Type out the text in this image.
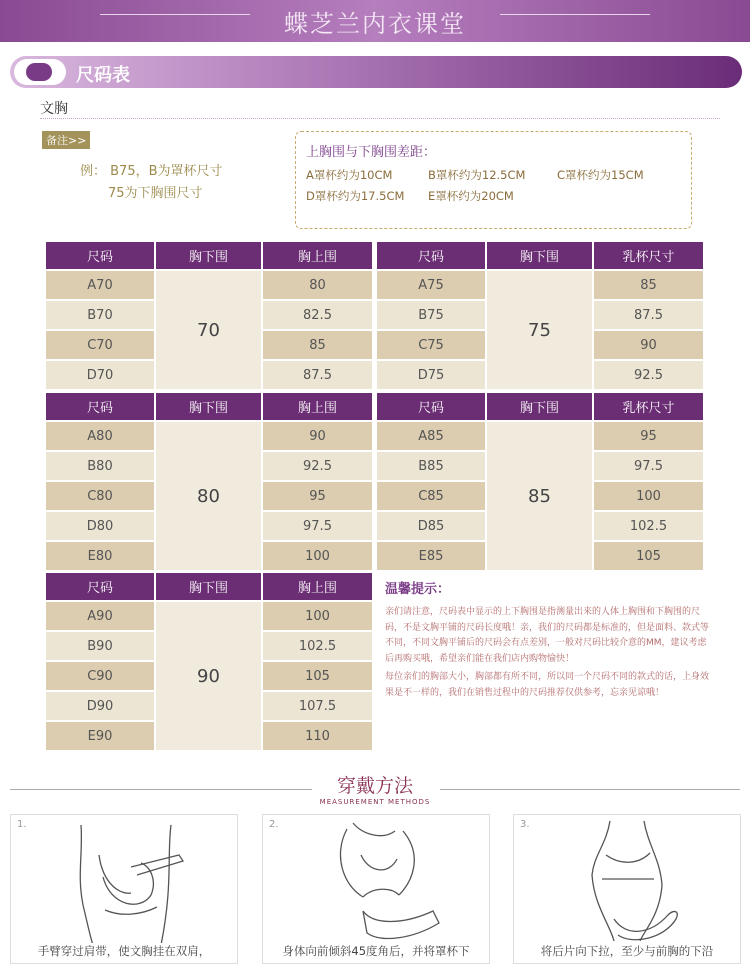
蝶芝兰内衣课堂
尺码表
文胸
备注>>
例： B75，B为罩杯尺寸
75为下胸围尺寸
上胸围与下胸围差距：
A罩杯约为10CM	B罩杯约为12.5CM	C罩杯约为15CM
D罩杯约为17.5CM E罩杯约为20CM
尺码	胸下围	胸上围
A70	70	80
B70		82.5
C70		85
D70		87.5
尺码	胸下围	乳杯尺寸
A75	75	85
B75		87.5
C75		90
D75		92.5
尺码	胸下围	胸上围
A80	80	90
B80		92.5
C80		95
D80		97.5
E80		100
尺码	胸下围	乳杯尺寸
A85	85	95
B85		97.5
C85		100
D85		102.5
E85		105
尺码	胸下围	胸上围
A90	90	100
B90		102.5
C90		105
D90		107.5
E90		110
温馨提示：

亲们请注意，尺码表中显示的上下胸围是指测量出来的人体上胸围和下胸围的尺码，不是文胸平铺的尺码长度哦！亲，我们的尺码都是标准的，但是面料、款式等不同，不同文胸平铺后的尺码会有点差别，一般对尺码比较介意的MM，建议考虑后再购买哦，希望亲们能在我们店内购物愉快！

每位亲们的胸部大小，胸部都有所不同，所以同一个尺码不同的款式的话，上身效果是不一样的，我们在销售过程中的尺码推荐仅供参考，忘亲见谅哦！

穿戴方法
MEASUREMENT METHODS
1.
手臂穿过肩带，使文胸挂在双肩，
2.
身体向前倾斜45度角后，并将罩杯下
3.
将后片向下拉，至少与前胸的下沿
